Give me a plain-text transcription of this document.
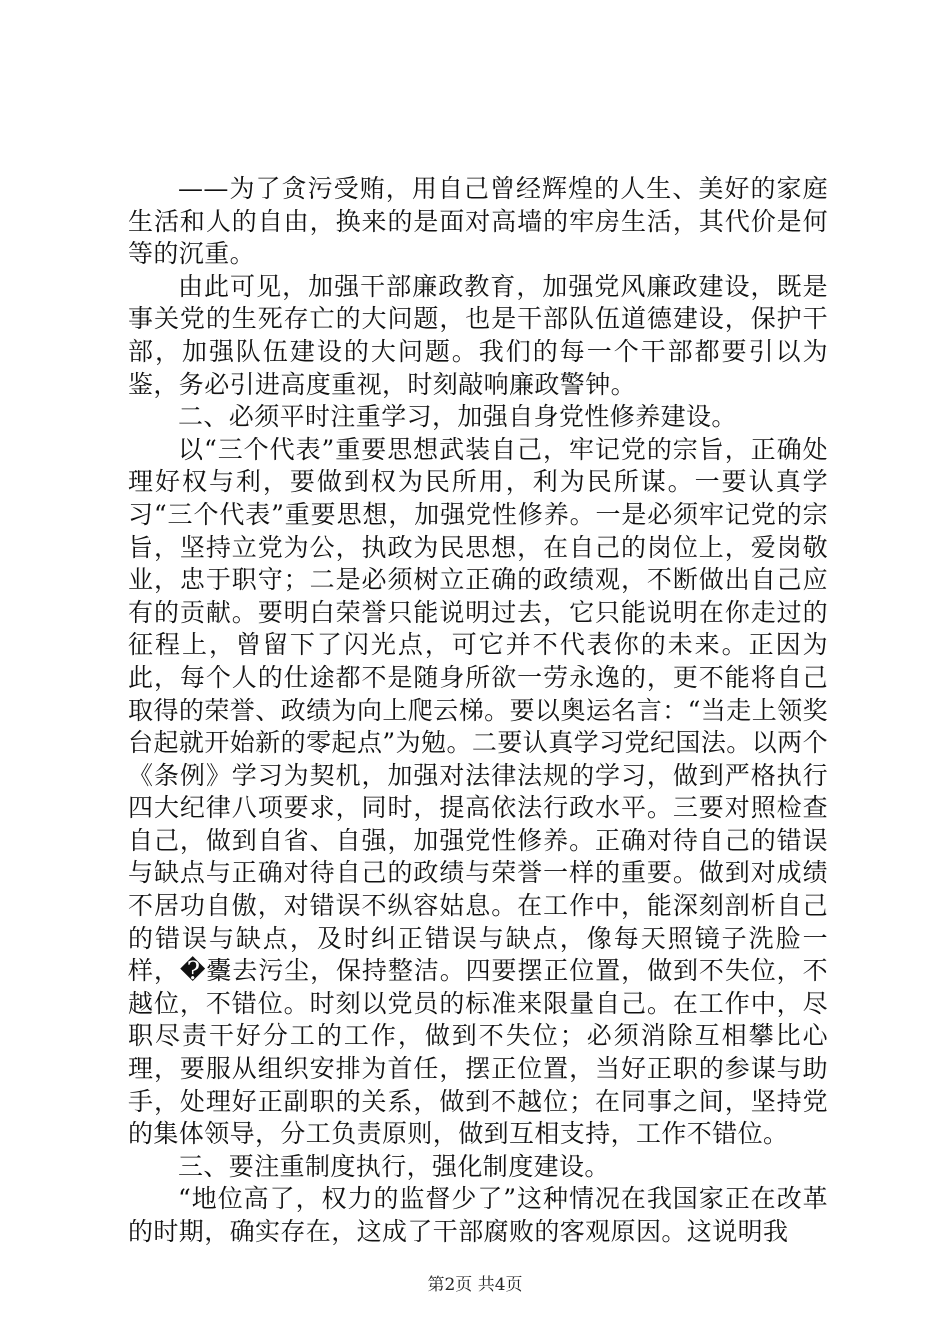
——为了贪污受贿，用自己曾经辉煌的人生、美好的家庭生活和人的自由，换来的是面对高墙的牢房生活，其代价是何等的沉重。

由此可见，加强干部廉政教育，加强党风廉政建设，既是事关党的生死存亡的大问题，也是干部队伍道德建设，保护干部，加强队伍建设的大问题。我们的每一个干部都要引以为鉴，务必引进高度重视，时刻敲响廉政警钟。

二、必须平时注重学习，加强自身党性修养建设。

以“三个代表”重要思想武装自己，牢记党的宗旨，正确处理好权与利，要做到权为民所用，利为民所谋。一要认真学习“三个代表”重要思想，加强党性修养。一是必须牢记党的宗旨，坚持立党为公，执政为民思想，在自己的岗位上，爱岗敬业，忠于职守；二是必须树立正确的政绩观，不断做出自己应有的贡献。要明白荣誉只能说明过去，它只能说明在你走过的征程上，曾留下了闪光点，可它并不代表你的未来。正因为此，每个人的仕途都不是随身所欲一劳永逸的，更不能将自己取得的荣誉、政绩为向上爬云梯。要以奥运名言：“当走上领奖台起就开始新的零起点”为勉。二要认真学习党纪国法。以两个《条例》学习为契机，加强对法律法规的学习，做到严格执行四大纪律八项要求，同时，提高依法行政水平。三要对照检查自己，做到自省、自强，加强党性修养。正确对待自己的错误与缺点与正确对待自己的政绩与荣誉一样的重要。做到对成绩不居功自傲，对错误不纵容姑息。在工作中，能深刻剖析自己的错误与缺点，及时纠正错误与缺点，像每天照镜子洗脸一样，�櫜去污尘，保持整洁。四要摆正位置，做到不失位，不越位，不错位。时刻以党员的标准来限量自己。在工作中，尽职尽责干好分工的工作，做到不失位；必须消除互相攀比心理，要服从组织安排为首任，摆正位置，当好正职的参谋与助手，处理好正副职的关系，做到不越位；在同事之间，坚持党的集体领导，分工负责原则，做到互相支持，工作不错位。

三、要注重制度执行，强化制度建设。

“地位高了，权力的监督少了”这种情况在我国家正在改革的时期，确实存在，这成了干部腐败的客观原因。这说明我

第2页 共4页
